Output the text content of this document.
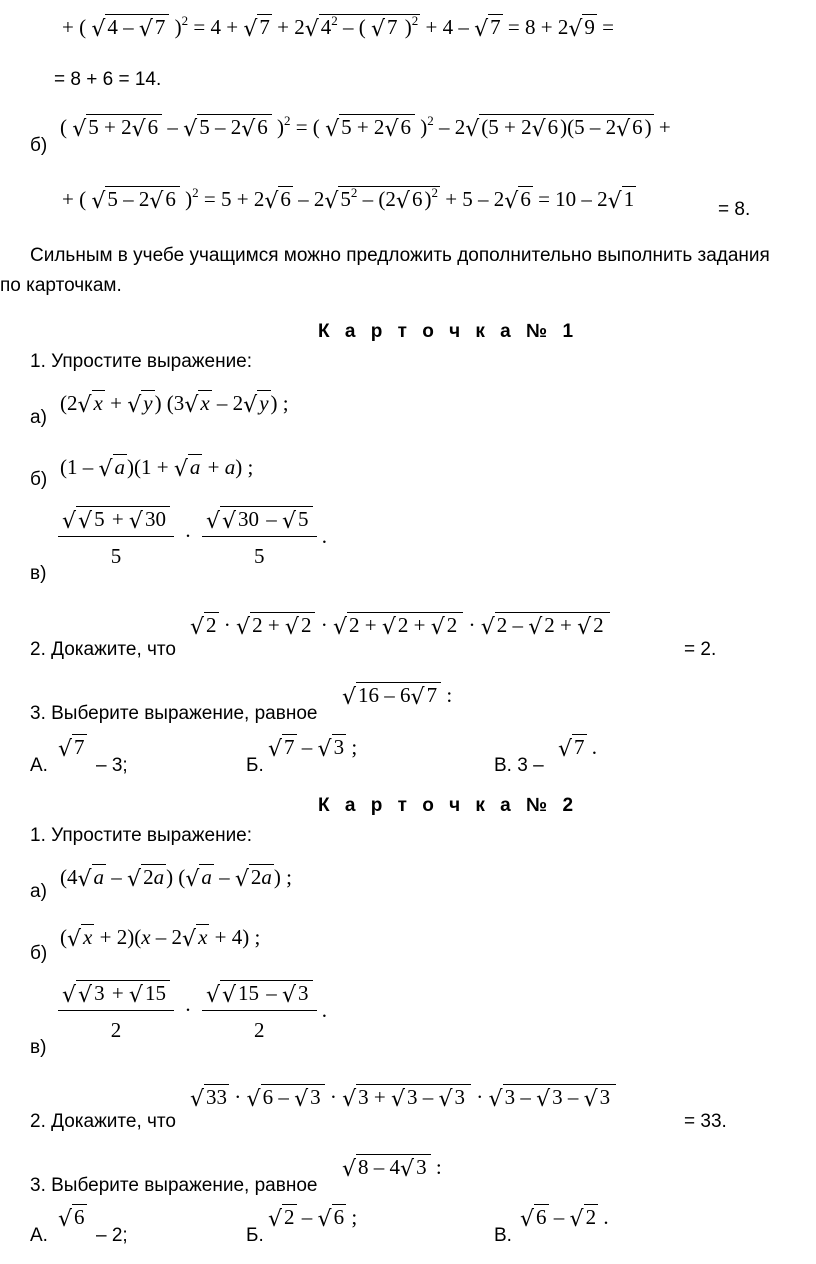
+ ( √4 – √7 )$^2 = 4 + √7 + 2√4^2$ – ( √7 )$^2$ + 4 – √7 = 8 + 2√9 =
= 8 + 6 = 14.
б)
( √5 + 2√6 – √5 – 2√6 )$^2$ = ( √5 + 2√6 )$^2$ – 2√(5 + 2√6)(5 – 2√6) +
+ ( √5 – 2√6 )$^2 = 5 + 2√6 - 2√5^2 - (2√6)^2 + 5 - 2√6 = 10 - 2√1$	= 8.
Сильным в учебе учащимся можно предложить дополнительно выполнить задания
по карточкам.
К а р т о ч к а № 1
1. Упростите выражение:
а)
(2√x + √y) (3√x – 2√y) ;
б)
(1 – √a)(1 + √a + a) ;
в)
$\frac{√√5 + √30}{5} \cdot \frac{√√30 - √5}{5}$ .
2. Докажите, что
√2 · √2 + √2 · √2 + √2 + √2 · √2 – √2 + √2
= 2.
3. Выберите выражение, равное
√16 – 6√7 :
А.
√7
– 3;	Б.
√7 – √3 ;
В. 3 –
√7 .
К а р т о ч к а № 2
1. Упростите выражение:
а)
(4√a – √2a) (√a – √2a) ;
б)
(√x + 2)(x – 2√x + 4) ;
в)
$\frac{√√3 + √15}{2} \cdot \frac{√√15 - √3}{2}$ .
2. Докажите, что
√33 · √6 – √3 · √3 + √3 – √3 · √3 – √3 – √3
= 33.
3. Выберите выражение, равное
√8 – 4√3 :
А.
√6
– 2;	Б.
√2 – √6 ;
В.
√6 – √2 .
